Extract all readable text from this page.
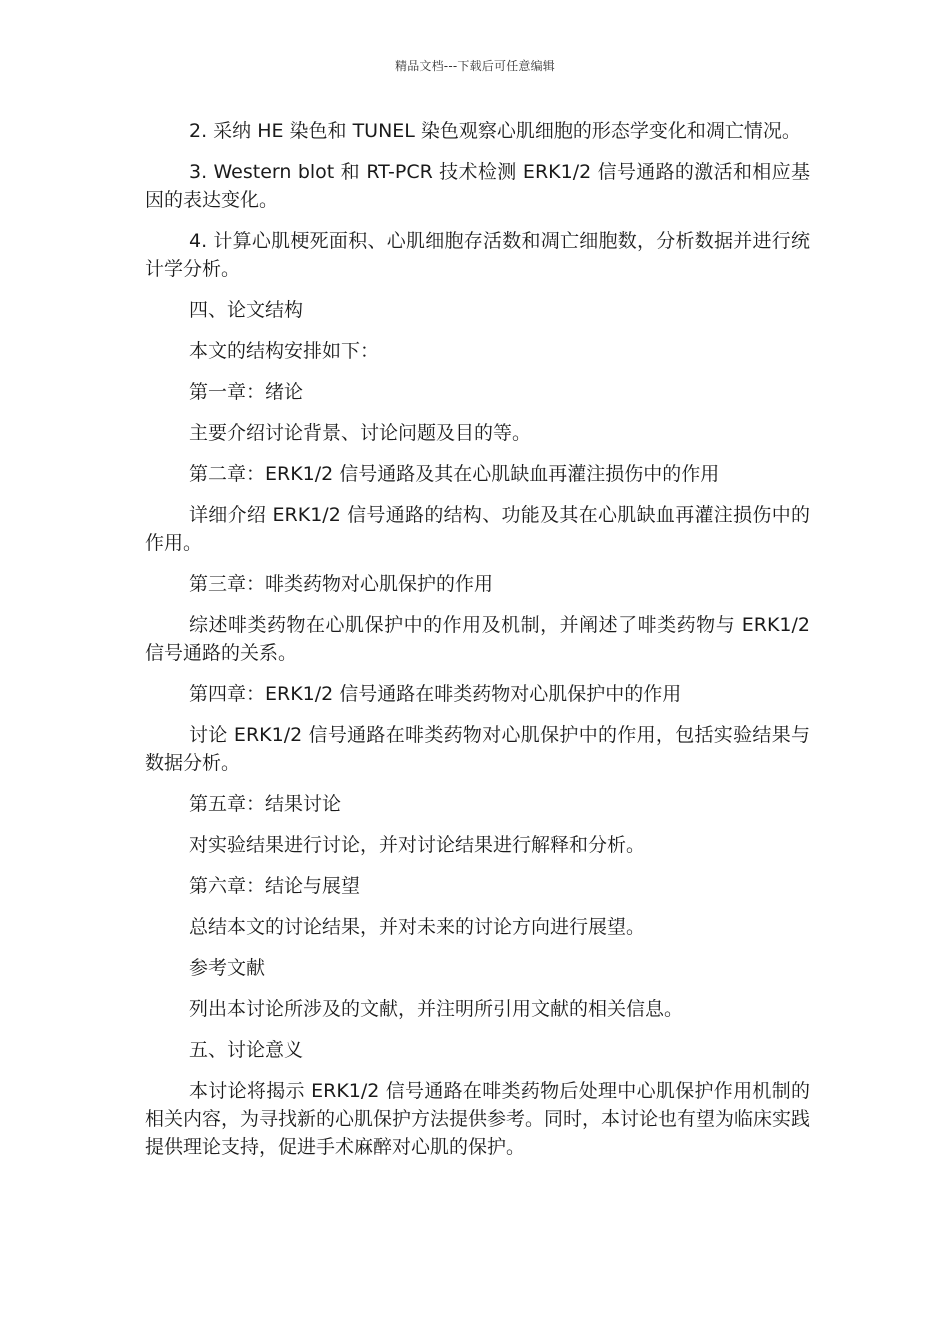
精品文档---下载后可任意编辑

2. 采纳 HE 染色和 TUNEL 染色观察心肌细胞的形态学变化和凋亡情况。

3. Western blot 和 RT-PCR 技术检测 ERK1/2 信号通路的激活和相应基因的表达变化。

4. 计算心肌梗死面积、心肌细胞存活数和凋亡细胞数，分析数据并进行统计学分析。

四、论文结构

本文的结构安排如下：

第一章：绪论

主要介绍讨论背景、讨论问题及目的等。

第二章：ERK1/2 信号通路及其在心肌缺血再灌注损伤中的作用

详细介绍 ERK1/2 信号通路的结构、功能及其在心肌缺血再灌注损伤中的作用。

第三章：啡类药物对心肌保护的作用

综述啡类药物在心肌保护中的作用及机制，并阐述了啡类药物与 ERK1/2 信号通路的关系。

第四章：ERK1/2 信号通路在啡类药物对心肌保护中的作用

讨论 ERK1/2 信号通路在啡类药物对心肌保护中的作用，包括实验结果与数据分析。

第五章：结果讨论

对实验结果进行讨论，并对讨论结果进行解释和分析。

第六章：结论与展望

总结本文的讨论结果，并对未来的讨论方向进行展望。

参考文献

列出本讨论所涉及的文献，并注明所引用文献的相关信息。

五、讨论意义

本讨论将揭示 ERK1/2 信号通路在啡类药物后处理中心肌保护作用机制的相关内容，为寻找新的心肌保护方法提供参考。同时，本讨论也有望为临床实践提供理论支持，促进手术麻醉对心肌的保护。
